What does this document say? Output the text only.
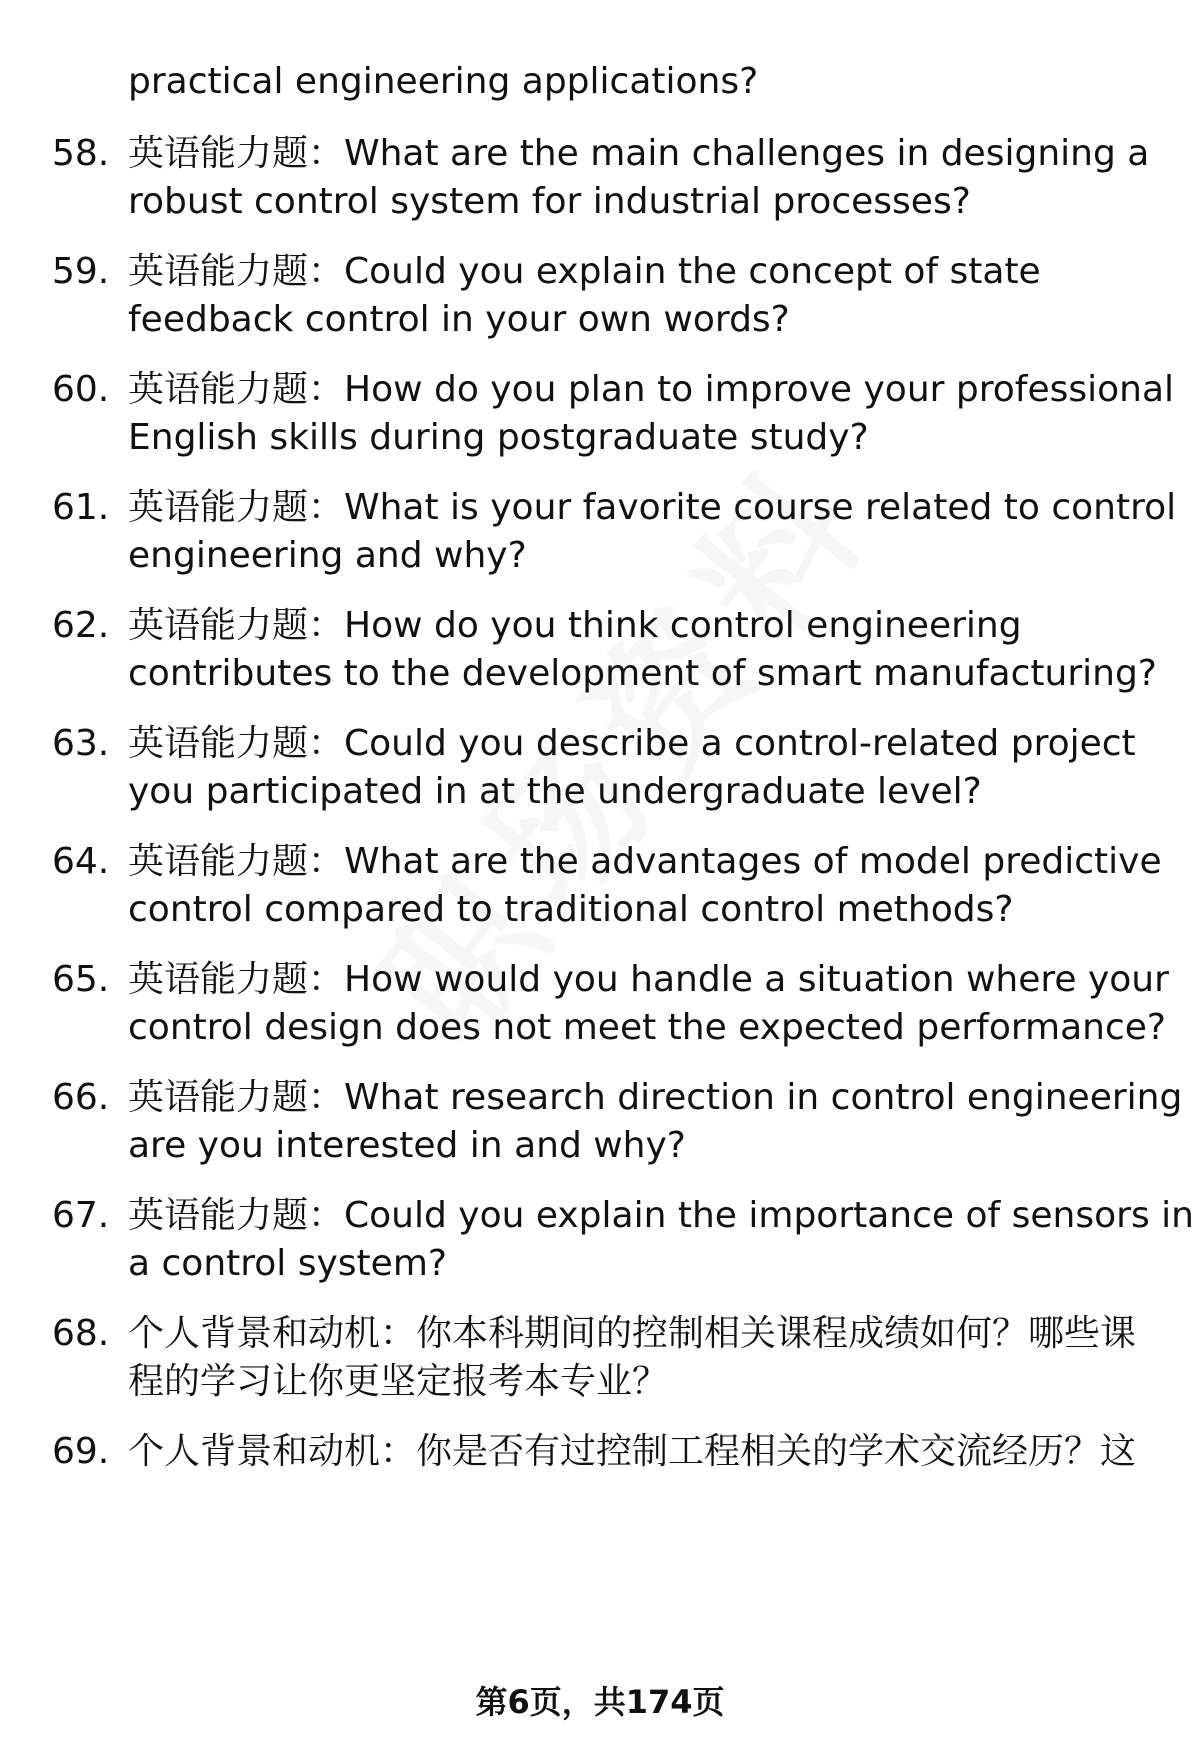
practical engineering applications?
58. 英语能力题：What are the main challenges in designing a
robust control system for industrial processes?
59. 英语能力题：Could you explain the concept of state
feedback control in your own words?
60. 英语能力题：How do you plan to improve your professional
English skills during postgraduate study?
61. 英语能力题：What is your favorite course related to control
engineering and why?
62. 英语能力题：How do you think control engineering
contributes to the development of smart manufacturing?
63. 英语能力题：Could you describe a control-related project
you participated in at the undergraduate level?
64. 英语能力题：What are the advantages of model predictive
control compared to traditional control methods?
65. 英语能力题：How would you handle a situation where your
control design does not meet the expected performance?
66. 英语能力题：What research direction in control engineering
are you interested in and why?
67. 英语能力题：Could you explain the importance of sensors in
a control system?
68. 个人背景和动机：你本科期间的控制相关课程成绩如何？哪些课
程的学习让你更坚定报考本专业？
69. 个人背景和动机：你是否有过控制工程相关的学术交流经历？这
第6页，共174页
